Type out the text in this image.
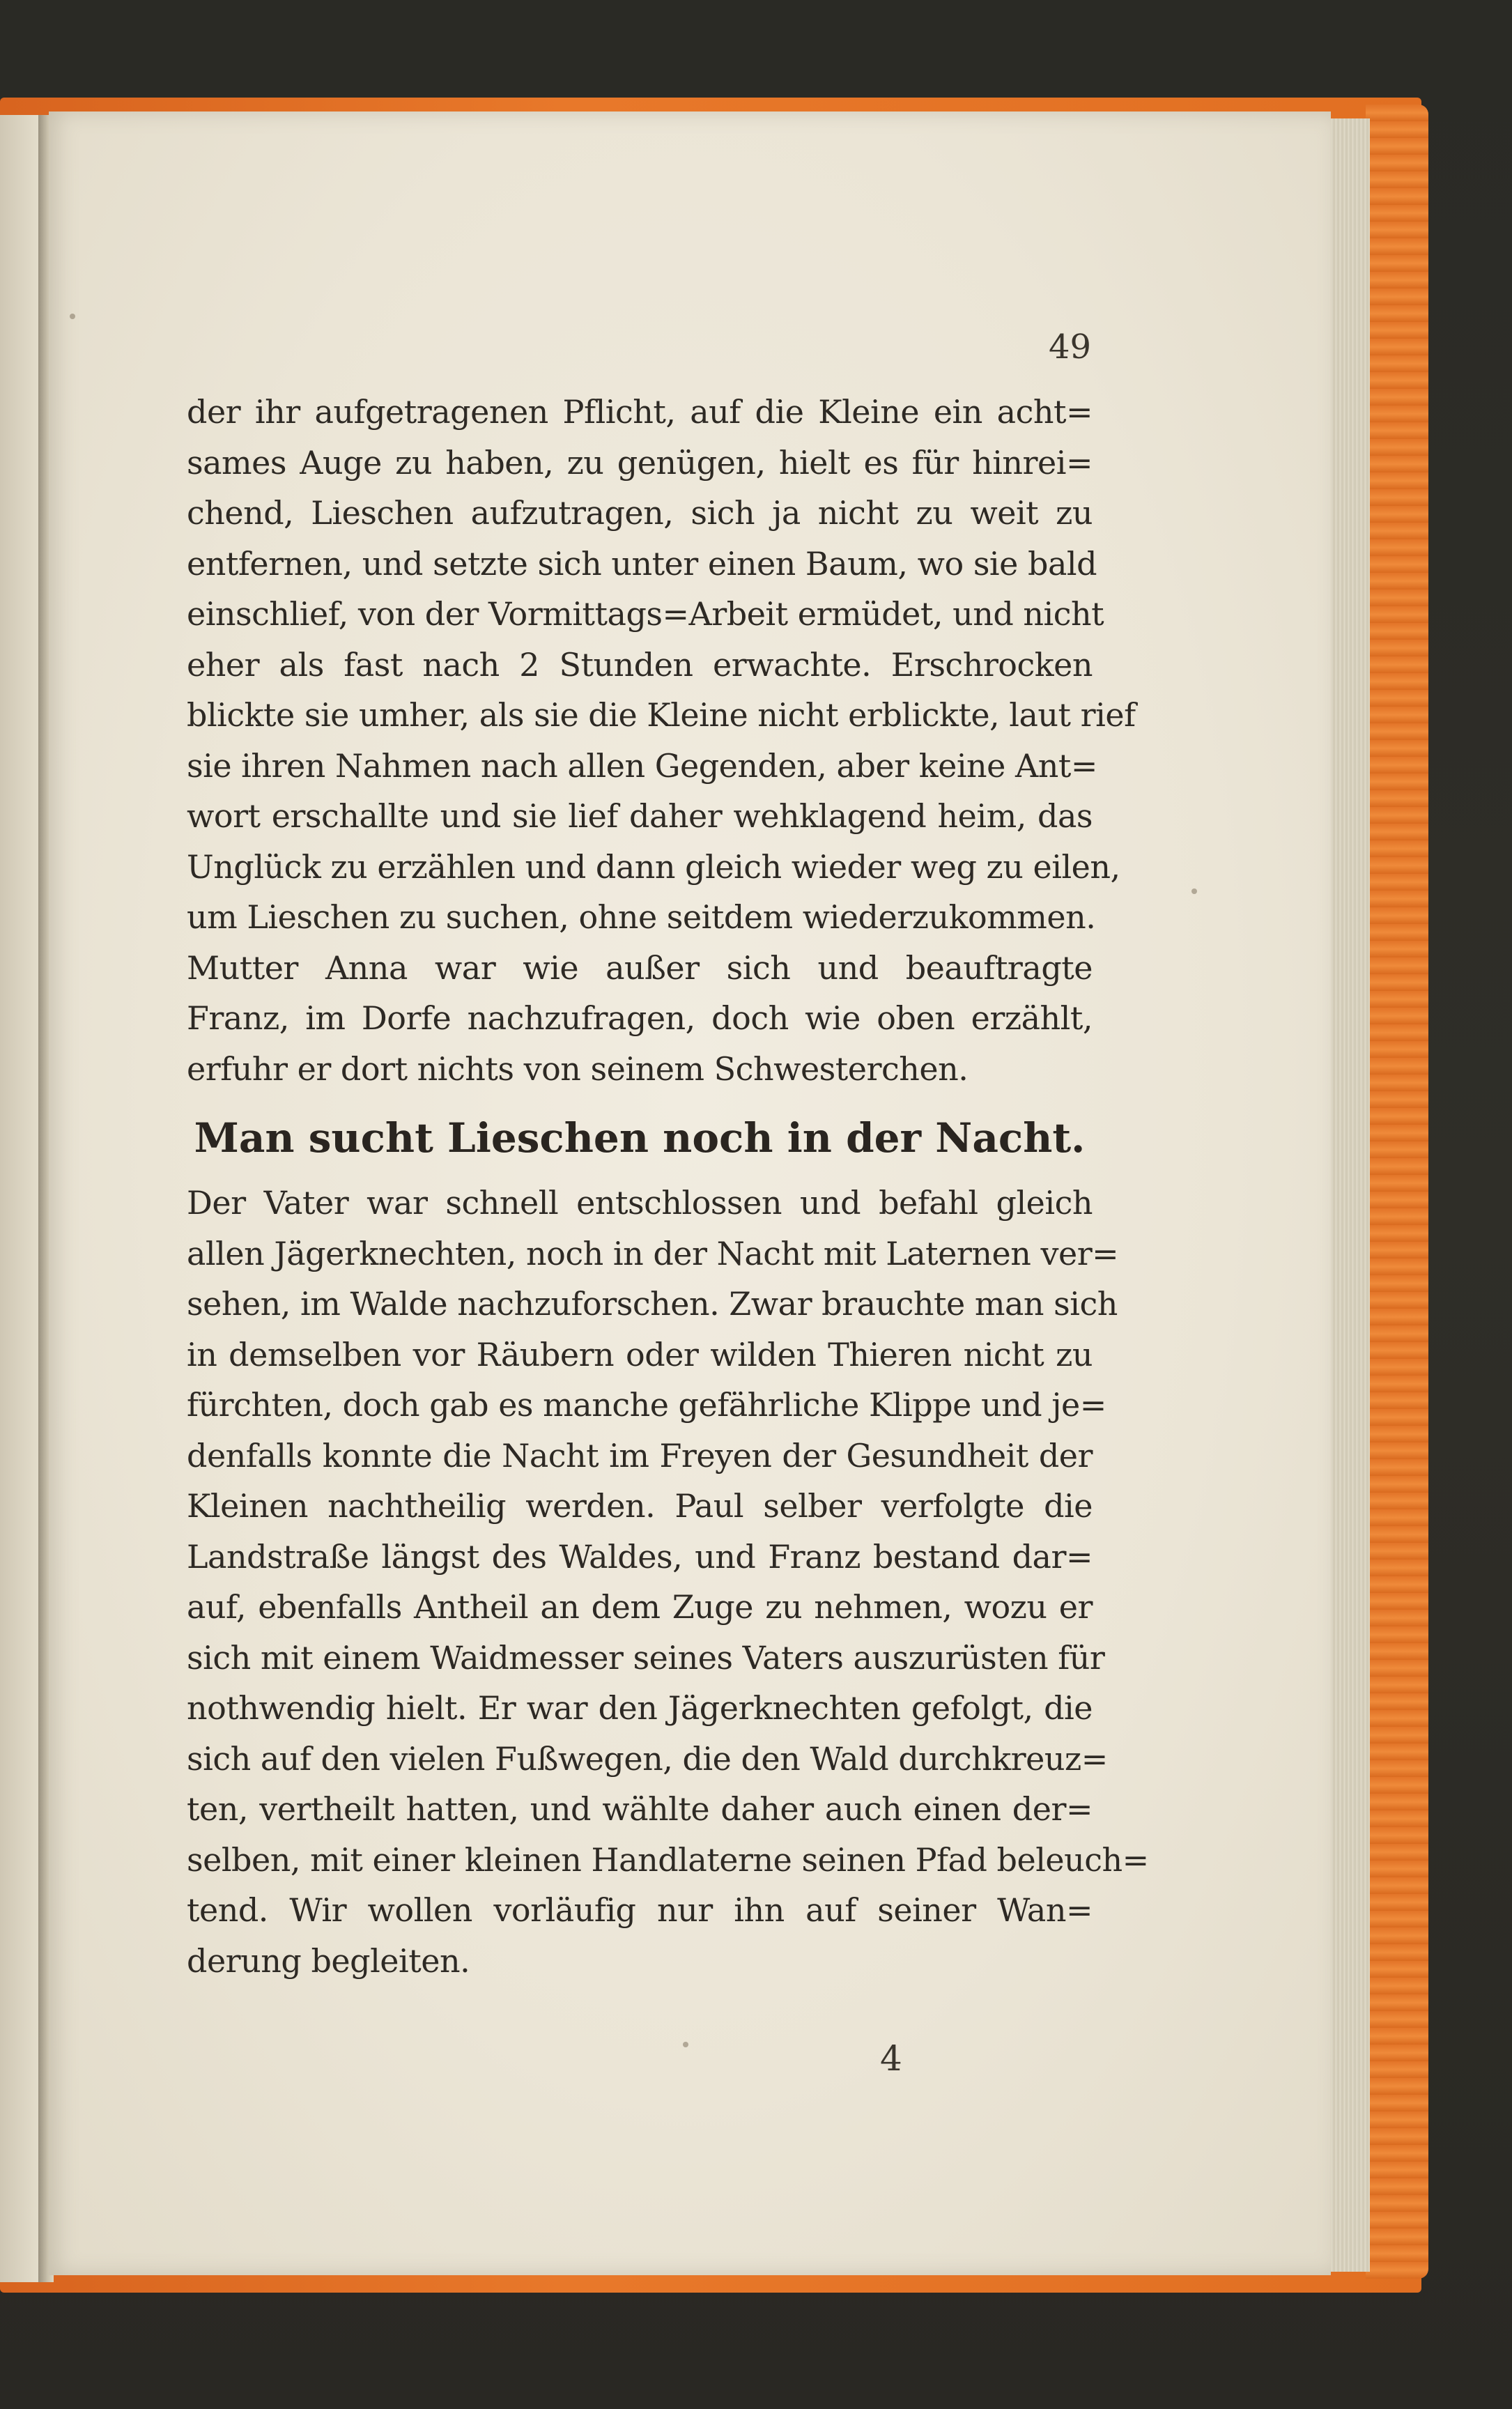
49
der ihr aufgetragenen Pflicht, auf die Kleine ein acht=
sames Auge zu haben, zu genügen, hielt es für hinrei=
chend, Lieschen aufzutragen, sich ja nicht zu weit zu
entfernen, und setzte sich unter einen Baum, wo sie bald
einschlief, von der Vormittags=Arbeit ermüdet, und nicht
eher als fast nach 2 Stunden erwachte. Erschrocken
blickte sie umher, als sie die Kleine nicht erblickte, laut rief
sie ihren Nahmen nach allen Gegenden, aber keine Ant=
wort erschallte und sie lief daher wehklagend heim, das
Unglück zu erzählen und dann gleich wieder weg zu eilen,
um Lieschen zu suchen, ohne seitdem wiederzukommen.
Mutter Anna war wie außer sich und beauftragte
Franz, im Dorfe nachzufragen, doch wie oben erzählt,
erfuhr er dort nichts von seinem Schwesterchen.
Man sucht Lieschen noch in der Nacht.
Der Vater war schnell entschlossen und befahl gleich
allen Jägerknechten, noch in der Nacht mit Laternen ver=
sehen, im Walde nachzuforschen. Zwar brauchte man sich
in demselben vor Räubern oder wilden Thieren nicht zu
fürchten, doch gab es manche gefährliche Klippe und je=
denfalls konnte die Nacht im Freyen der Gesundheit der
Kleinen nachtheilig werden. Paul selber verfolgte die
Landstraße längst des Waldes, und Franz bestand dar=
auf, ebenfalls Antheil an dem Zuge zu nehmen, wozu er
sich mit einem Waidmesser seines Vaters auszurüsten für
nothwendig hielt. Er war den Jägerknechten gefolgt, die
sich auf den vielen Fußwegen, die den Wald durchkreuz=
ten, vertheilt hatten, und wählte daher auch einen der=
selben, mit einer kleinen Handlaterne seinen Pfad beleuch=
tend. Wir wollen vorläufig nur ihn auf seiner Wan=
derung begleiten.
4
